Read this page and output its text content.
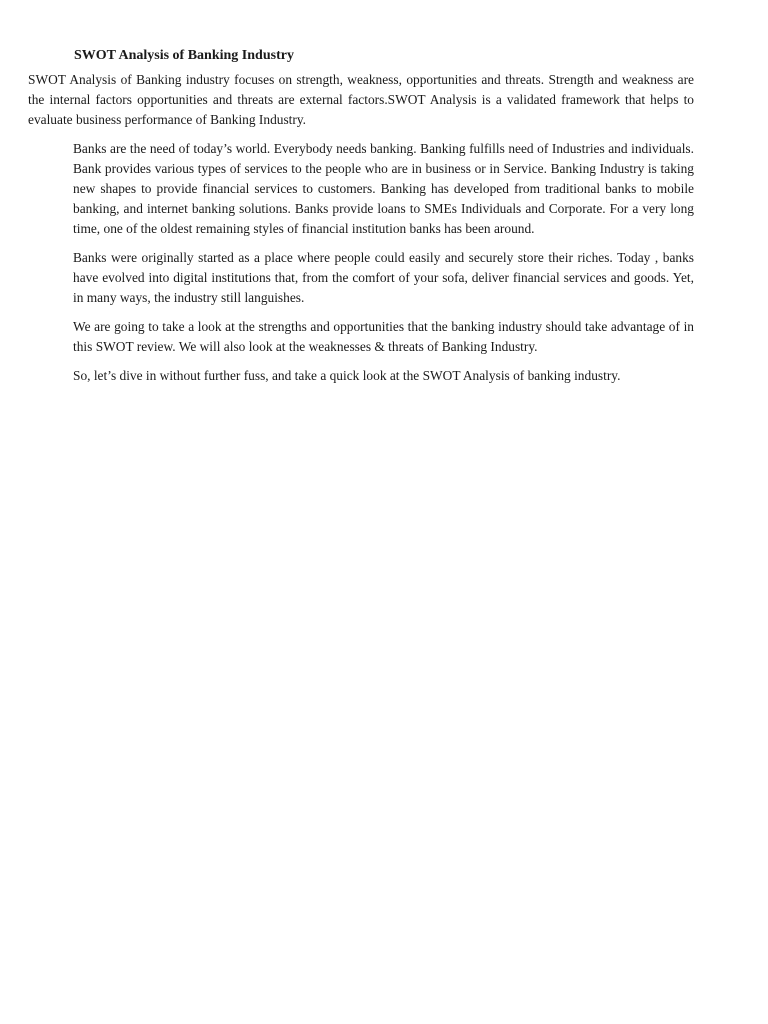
SWOT Analysis of Banking Industry

SWOT Analysis of Banking industry focuses on strength, weakness, opportunities and threats. Strength and weakness are the internal factors opportunities and threats are external factors.SWOT Analysis is a validated framework that helps to evaluate business performance of Banking Industry.

Banks are the need of today’s world. Everybody needs banking. Banking fulfills need of Industries and individuals. Bank provides various types of services to the people who are in business or in Service. Banking Industry is taking new shapes to provide financial services to customers. Banking has developed from traditional banks to mobile banking, and internet banking solutions. Banks provide loans to SMEs Individuals and Corporate. For a very long time, one of the oldest remaining styles of financial institution banks has been around.

Banks were originally started as a place where people could easily and securely store their riches. Today , banks have evolved into digital institutions that, from the comfort of your sofa, deliver financial services and goods. Yet, in many ways, the industry still languishes.

We are going to take a look at the strengths and opportunities that the banking industry should take advantage of in this SWOT review. We will also look at the weaknesses & threats of Banking Industry.

So, let’s dive in without further fuss, and take a quick look at the SWOT Analysis of banking industry.
